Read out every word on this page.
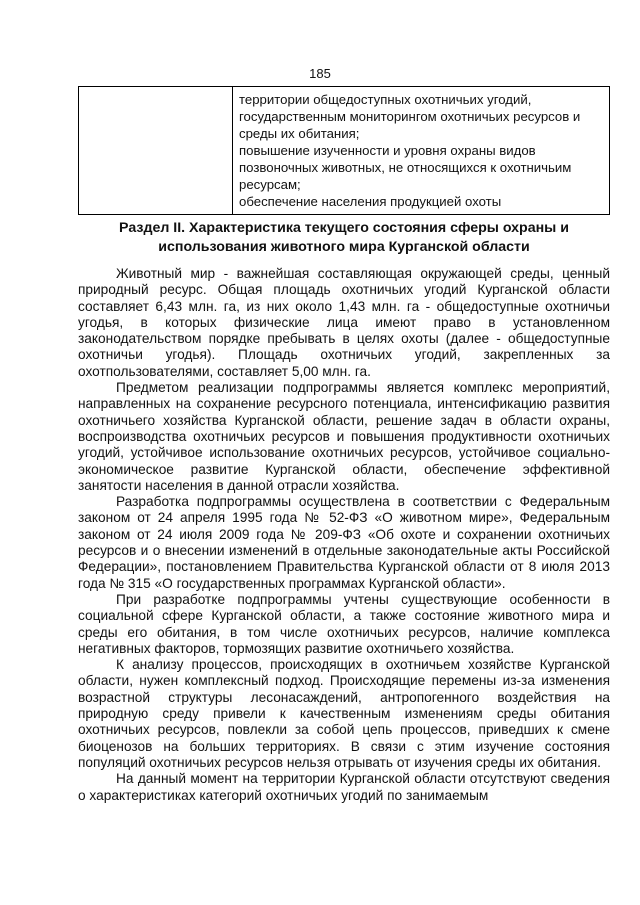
185

территории общедоступных охотничьих угодий, государственным мониторингом охотничьих ресурсов и среды их обитания;
повышение изученности и уровня охраны видов позвоночных животных, не относящихся к охотничьим ресурсам;
обеспечение населения продукцией охоты
Раздел II. Характеристика текущего состояния сферы охраны и использования животного мира Курганской области

Животный мир - важнейшая составляющая окружающей среды, ценный природный ресурс. Общая площадь охотничьих угодий Курганской области составляет 6,43 млн. га, из них около 1,43 млн. га - общедоступные охотничьи угодья, в которых физические лица имеют право в установленном законодательством порядке пребывать в целях охоты (далее - общедоступные охотничьи угодья). Площадь охотничьих угодий, закрепленных за охотпользователями, составляет 5,00 млн. га.

Предметом реализации подпрограммы является комплекс мероприятий, направленных на сохранение ресурсного потенциала, интенсификацию развития охотничьего хозяйства Курганской области, решение задач в области охраны, воспроизводства охотничьих ресурсов и повышения продуктивности охотничьих угодий, устойчивое использование охотничьих ресурсов, устойчивое социально-экономическое развитие Курганской области, обеспечение эффективной занятости населения в данной отрасли хозяйства.

Разработка подпрограммы осуществлена в соответствии с Федеральным законом от 24 апреля 1995 года № 52-ФЗ «О животном мире», Федеральным законом от 24 июля 2009 года № 209-ФЗ «Об охоте и сохранении охотничьих ресурсов и о внесении изменений в отдельные законодательные акты Российской Федерации», постановлением Правительства Курганской области от 8 июля 2013 года № 315 «О государственных программах Курганской области».

При разработке подпрограммы учтены существующие особенности в социальной сфере Курганской области, а также состояние животного мира и среды его обитания, в том числе охотничьих ресурсов, наличие комплекса негативных факторов, тормозящих развитие охотничьего хозяйства.

К анализу процессов, происходящих в охотничьем хозяйстве Курганской области, нужен комплексный подход. Происходящие перемены из-за изменения возрастной структуры лесонасаждений, антропогенного воздействия на природную среду привели к качественным изменениям среды обитания охотничьих ресурсов, повлекли за собой цепь процессов, приведших к смене биоценозов на больших территориях. В связи с этим изучение состояния популяций охотничьих ресурсов нельзя отрывать от изучения среды их обитания.

На данный момент на территории Курганской области отсутствуют сведения о характеристиках категорий охотничьих угодий по занимаемым
